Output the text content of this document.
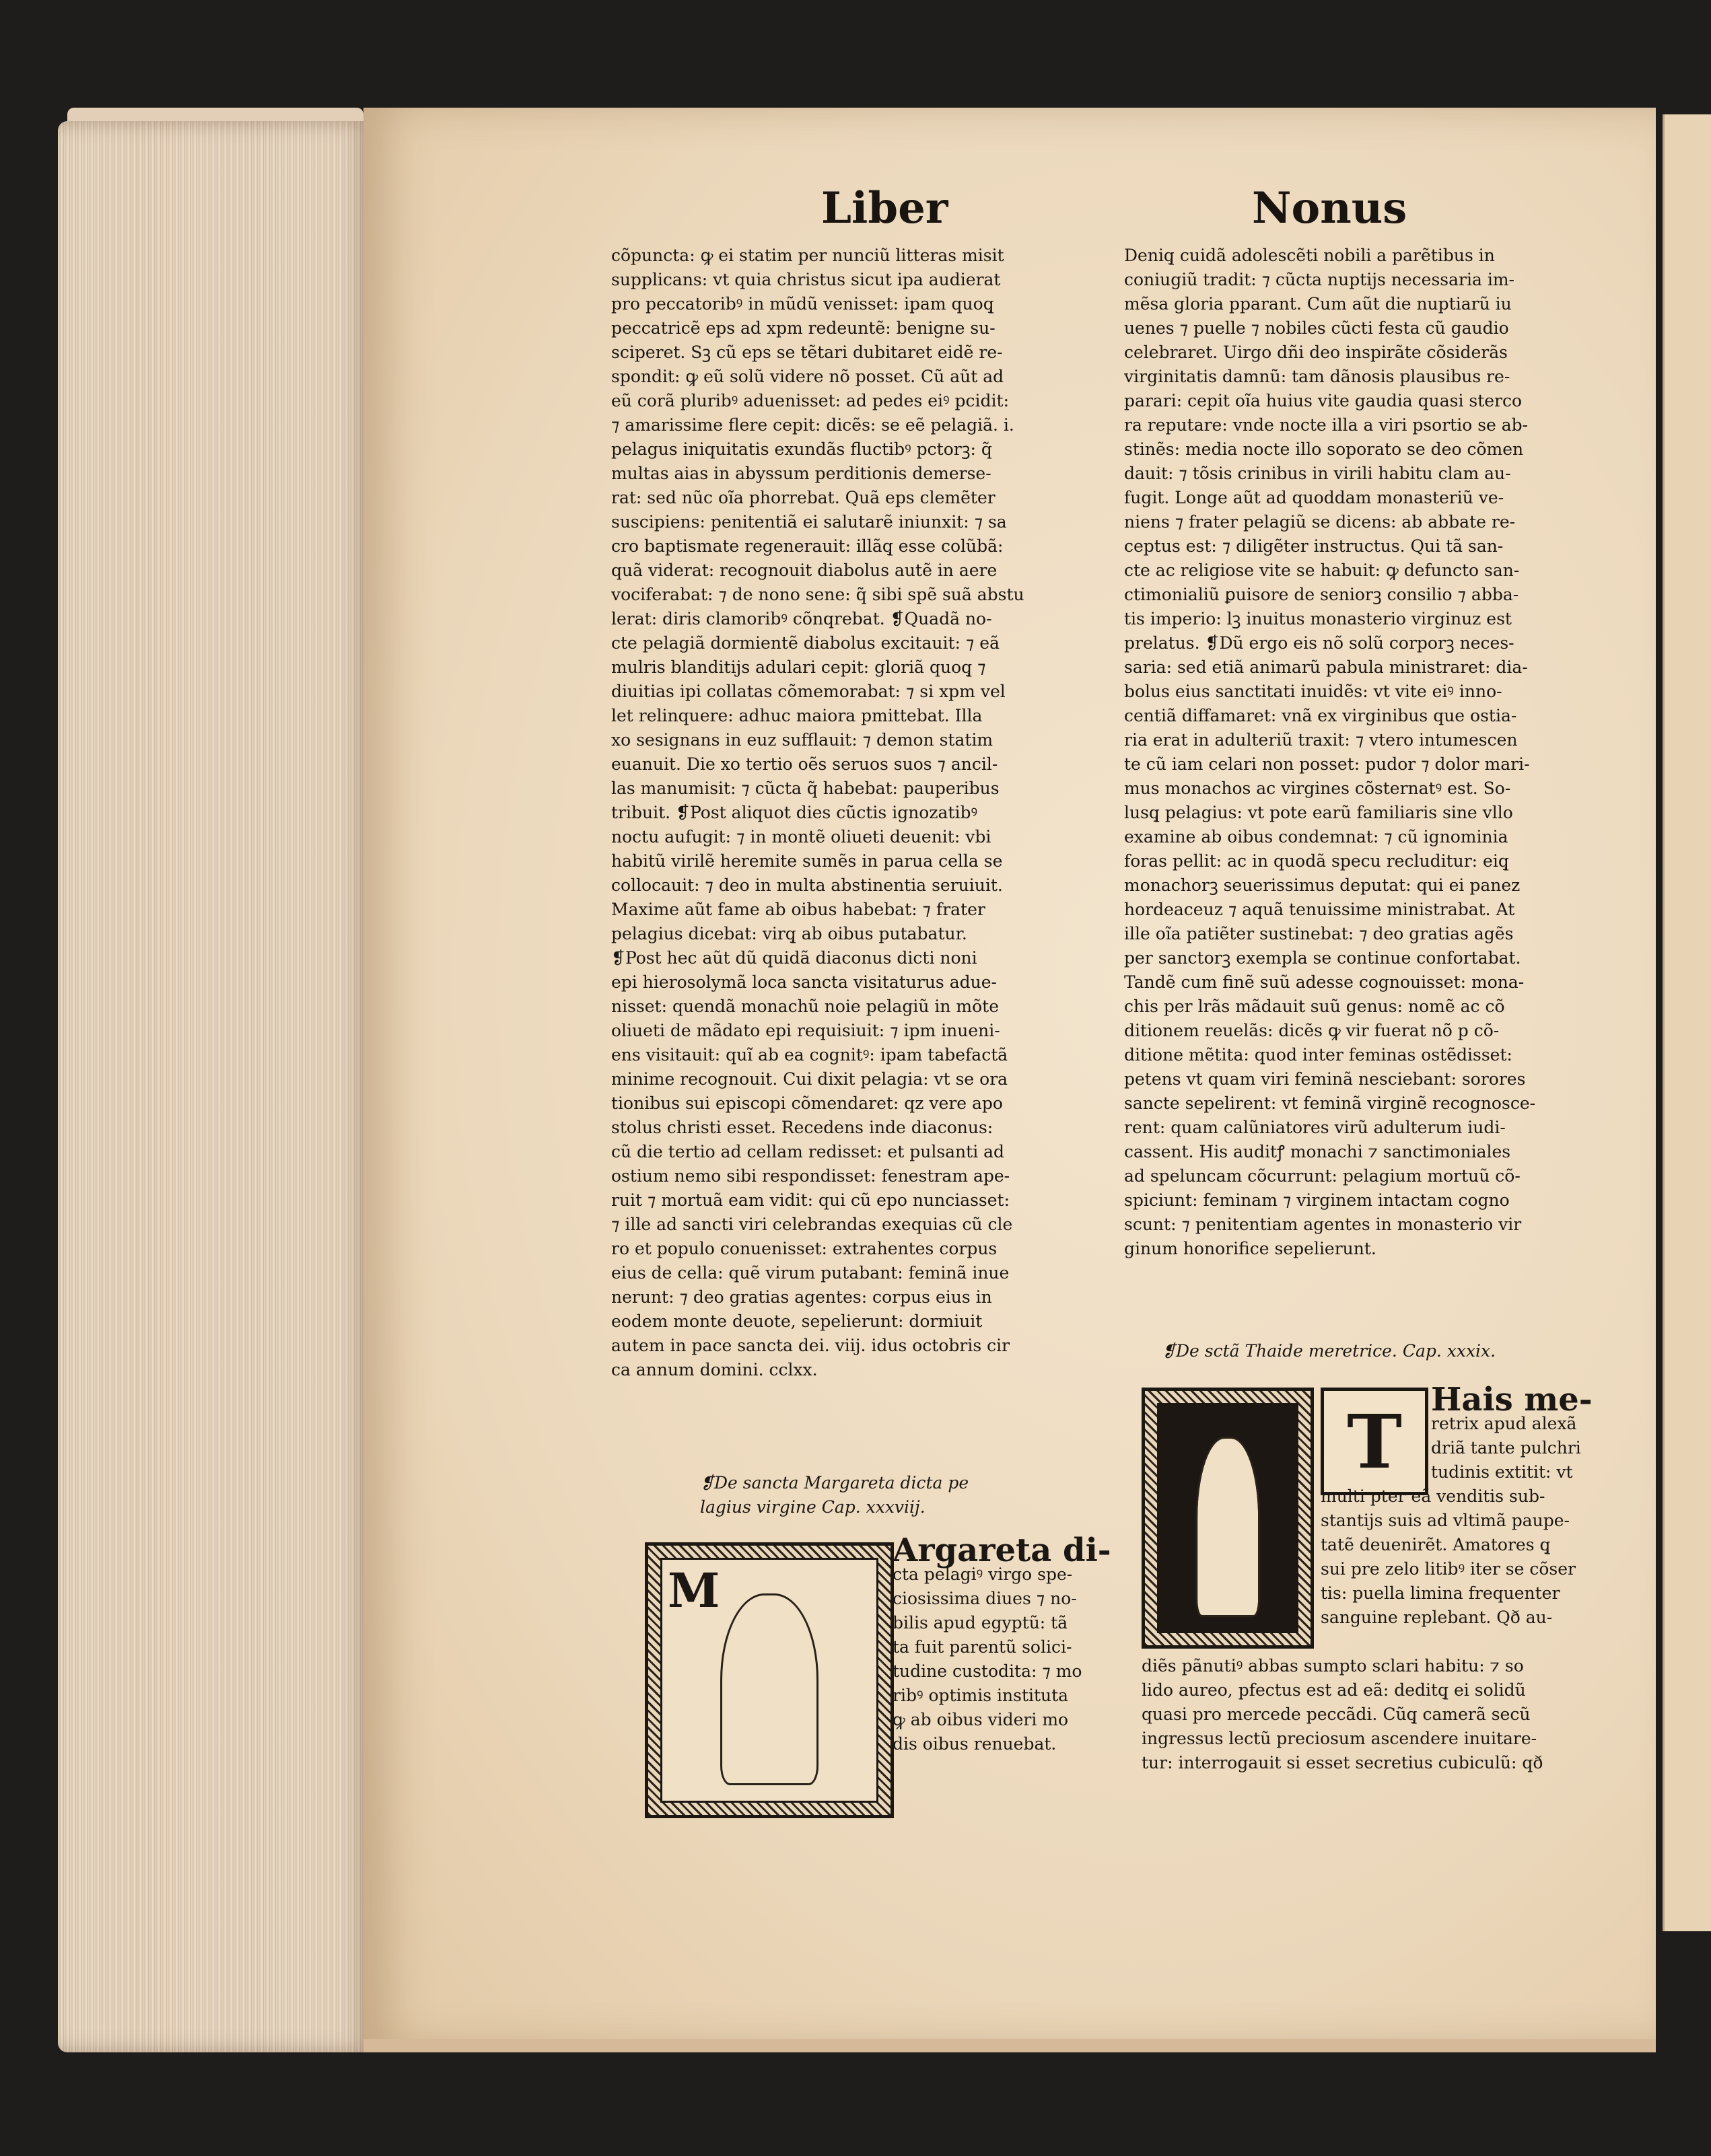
Liber	Nonus

cõpuncta: ꝙ ei statim per nunciũ litteras misit

supplicans: vt quia christus sicut ipa audierat

pro peccatoribꝰ in mũdũ venisset: ipam quoq̧

peccatricẽ eps ad xpm redeuntẽ: benigne su-

sciperet. Sꝫ cũ eps se tẽtari dubitaret eidẽ re-

spondit: ꝙ eũ solũ videre nõ posset. Cũ aũt ad

eũ corã pluribꝰ aduenisset: ad pedes eiꝰ pcidit:

⁊ amarissime flere cepit: dicẽs: se eẽ pelagiã. i.

pelagus iniquitatis exundãs fluctibꝰ pctorꝫ: q̃

multas aias in abyssum perditionis demerse-

rat: sed nũc oĩa phorrebat. Quã eps clemẽter

suscipiens: penitentiã ei salutarẽ iniunxit: ⁊ sa

cro baptismate regenerauit: illãq̧ esse colũbã:

quã viderat: recognouit diabolus autẽ in aere

vociferabat: ⁊ de nono sene: q̃ sibi spẽ suã abstu

lerat: diris clamoribꝰ cõnqrebat. ❡Quadã no-

cte pelagiã dormientẽ diabolus excitauit: ⁊ eã

mulris blanditijs adulari cepit: gloriã quoq̧ ⁊

diuitias ipi collatas cõmemorabat: ⁊ si xpm vel

let relinquere: adhuc maiora pmittebat. Illa

xo sesignans in euz sufflauit: ⁊ demon statim

euanuit. Die xo tertio oẽs seruos suos ⁊ ancil-

las manumisit: ⁊ cũcta q̃ habebat: pauperibus

tribuit. ❡Post aliquot dies cũctis ignozatibꝰ

noctu aufugit: ⁊ in montẽ oliueti deuenit: vbi

habitũ virilẽ heremite sumẽs in parua cella se

collocauit: ⁊ deo in multa abstinentia seruiuit.

Maxime aũt fame ab oibus habebat: ⁊ frater

pelagius dicebat: virq̧ ab oibus putabatur.

❡Post hec aũt dũ quidã diaconus dicti noni

epi hierosolymã loca sancta visitaturus adue-

nisset: quendã monachũ noie pelagiũ in mõte

oliueti de mãdato epi requisiuit: ⁊ ipm inueni-

ens visitauit: quĩ ab ea cognitꝰ: ipam tabefactã

minime recognouit. Cui dixit pelagia: vt se ora

tionibus sui episcopi cõmendaret: qz vere apo

stolus christi esset. Recedens inde diaconus:

cũ die tertio ad cellam redisset: et pulsanti ad

ostium nemo sibi respondisset: fenestram ape-

ruit ⁊ mortuã eam vidit: qui cũ epo nunciasset:

⁊ ille ad sancti viri celebrandas exequias cũ cle

ro et populo conuenisset: extrahentes corpus

eius de cella: quẽ virum putabant: feminã inue

nerunt: ⁊ deo gratias agentes: corpus eius in

eodem monte deuote, sepelierunt: dormiuit

autem in pace sancta dei. viij. idus octobris cir

ca annum domini. cclxx.

❡De sancta Margareta dicta pe

lagius virgine Cap. xxxviij.

M

Argareta di-

cta pelagiꝰ virgo spe-

ciosissima diues ⁊ no-

bilis apud egyptũ: tã

ta fuit parentũ solici-

tudine custodita: ⁊ mo

ribꝰ optimis instituta

ꝙ ab oibus videri mo

dis oibus renuebat.

Deniq̧ cuidã adolescẽti nobili a parẽtibus in

coniugiũ tradit: ⁊ cũcta nuptijs necessaria im-

mẽsa gloria pparant. Cum aũt die nuptiarũ iu

uenes ⁊ puelle ⁊ nobiles cũcti festa cũ gaudio

celebraret. Uirgo dñi deo inspirãte cõsiderãs

virginitatis damnũ: tam dãnosis plausibus re-

parari: cepit oĩa huius vite gaudia quasi sterco

ra reputare: vnde nocte illa a viri psortio se ab-

stinẽs: media nocte illo soporato se deo cõmen

dauit: ⁊ tõsis crinibus in virili habitu clam au-

fugit. Longe aũt ad quoddam monasteriũ ve-

niens ⁊ frater pelagiũ se dicens: ab abbate re-

ceptus est: ⁊ diligẽter instructus. Qui tã san-

cte ac religiose vite se habuit: ꝙ defuncto san-

ctimonialiũ ꝑuisore de seniorꝫ consilio ⁊ abba-

tis imperio: lꝫ inuitus monasterio virginuz est

prelatus. ❡Dũ ergo eis nõ solũ corporꝫ neces-

saria: sed etiã animarũ pabula ministraret: dia-

bolus eius sanctitati inuidẽs: vt vite eiꝰ inno-

centiã diffamaret: vnã ex virginibus que ostia-

ria erat in adulteriũ traxit: ⁊ vtero intumescen

te cũ iam celari non posset: pudor ⁊ dolor mari-

mus monachos ac virgines cõsternatꝰ est. So-

lusq̧ pelagius: vt pote earũ familiaris sine vllo

examine ab oibus condemnat: ⁊ cũ ignominia

foras pellit: ac in quodã specu recluditur: eiq̧

monachorꝫ seuerissimus deputat: qui ei panez

hordeaceuz ⁊ aquã tenuissime ministrabat. At

ille oĩa patiẽter sustinebat: ⁊ deo gratias agẽs

per sanctorꝫ exempla se continue confortabat.

Tandẽ cum finẽ suũ adesse cognouisset: mona-

chis per lrãs mãdauit suũ genus: nomẽ ac cõ

ditionem reuelãs: dicẽs ꝙ vir fuerat nõ p cõ-

ditione mẽtita: quod inter feminas ostẽdisset:

petens vt quam viri feminã nesciebant: sorores

sancte sepelirent: vt feminã virginẽ recognosce-

rent: quam calũniatores virũ adulterum iudi-

cassent. His auditꝭ monachi ⁊ sanctimoniales

ad speluncam cõcurrunt: pelagium mortuũ cõ-

spiciunt: feminam ⁊ virginem intactam cogno

scunt: ⁊ penitentiam agentes in monasterio vir

ginum honorifice sepelierunt.

❡De sctã Thaide meretrice. Cap. xxxix.
T Hais me-

retrix apud alexã

driã tante pulchri

tudinis extitit: vt

multi pter eã venditis sub-

stantijs suis ad vltimã paupe-

tatẽ deuenirẽt. Amatores q̧

sui pre zelo litibꝰ iter se cõser

tis: puella limina frequenter

sanguine replebant. Qð au-

diẽs pãnutiꝰ abbas sumpto sclari habitu: ⁊ so

lido aureo, pfectus est ad eã: deditq̧ ei solidũ

quasi pro mercede peccãdi. Cũq̧ camerã secũ

ingressus lectũ preciosum ascendere inuitare-

tur: interrogauit si esset secretius cubiculũ: qð
